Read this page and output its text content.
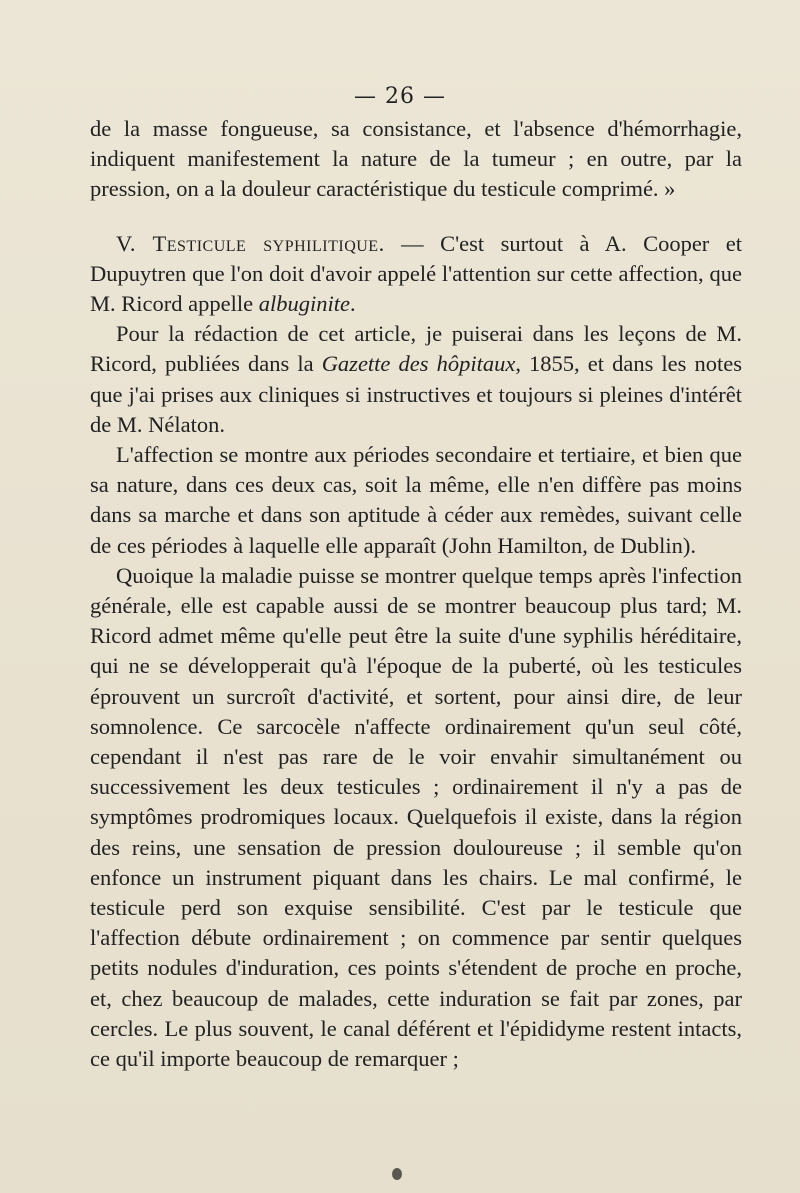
— 26 —

de la masse fongueuse, sa consistance, et l'absence d'hémorrhagie, indiquent manifestement la nature de la tumeur ; en outre, par la pression, on a la douleur caractéristique du testicule comprimé. »

V. Testicule syphilitique. — C'est surtout à A. Cooper et Dupuytren que l'on doit d'avoir appelé l'attention sur cette affection, que M. Ricord appelle albuginite.

Pour la rédaction de cet article, je puiserai dans les leçons de M. Ricord, publiées dans la Gazette des hôpitaux, 1855, et dans les notes que j'ai prises aux cliniques si instructives et toujours si pleines d'intérêt de M. Nélaton.

L'affection se montre aux périodes secondaire et tertiaire, et bien que sa nature, dans ces deux cas, soit la même, elle n'en diffère pas moins dans sa marche et dans son aptitude à céder aux remèdes, suivant celle de ces périodes à laquelle elle apparaît (John Hamilton, de Dublin).

Quoique la maladie puisse se montrer quelque temps après l'infection générale, elle est capable aussi de se montrer beaucoup plus tard; M. Ricord admet même qu'elle peut être la suite d'une syphilis héréditaire, qui ne se développerait qu'à l'époque de la puberté, où les testicules éprouvent un surcroît d'activité, et sortent, pour ainsi dire, de leur somnolence. Ce sarcocèle n'affecte ordinairement qu'un seul côté, cependant il n'est pas rare de le voir envahir simultanément ou successivement les deux testicules ; ordinairement il n'y a pas de symptômes prodromiques locaux. Quelquefois il existe, dans la région des reins, une sensation de pression douloureuse ; il semble qu'on enfonce un instrument piquant dans les chairs. Le mal confirmé, le testicule perd son exquise sensibilité. C'est par le testicule que l'affection débute ordinairement ; on commence par sentir quelques petits nodules d'induration, ces points s'étendent de proche en proche, et, chez beaucoup de malades, cette induration se fait par zones, par cercles. Le plus souvent, le canal déférent et l'épididyme restent intacts, ce qu'il importe beaucoup de remarquer ;
